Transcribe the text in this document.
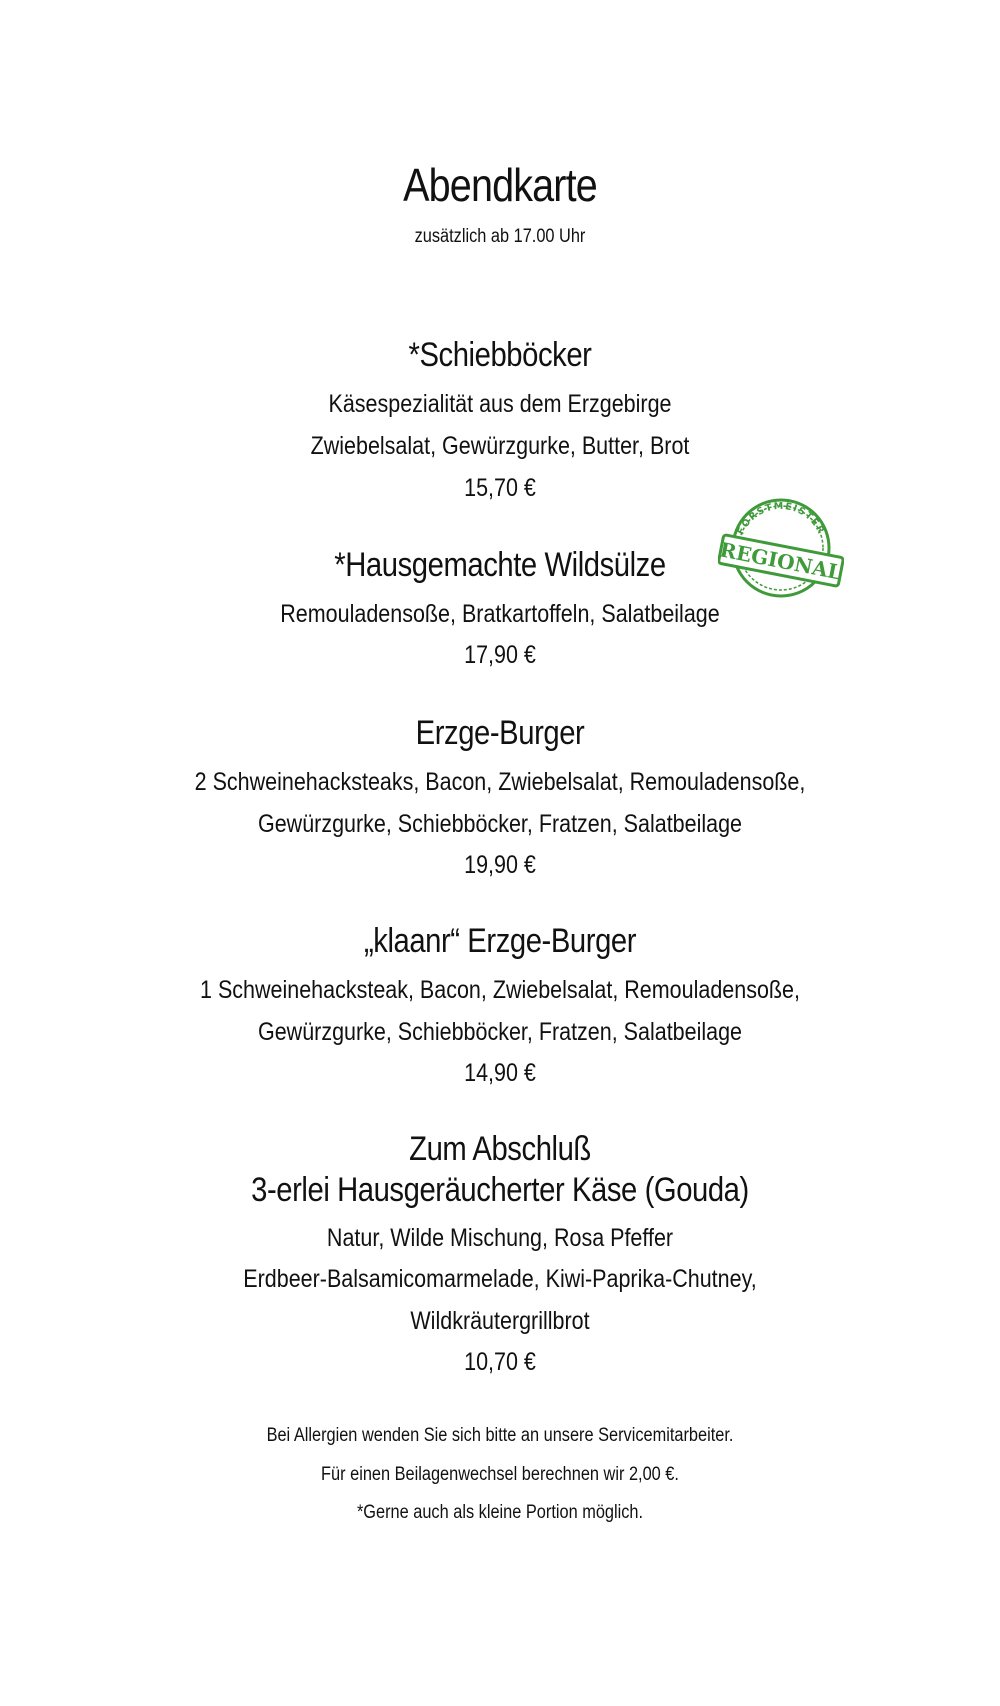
Abendkarte
zusätzlich ab 17.00 Uhr
*Schiebböcker
Käsespezialität aus dem Erzgebirge
Zwiebelsalat, Gewürzgurke, Butter, Brot
15,70 €
*Hausgemachte Wildsülze
Remouladensoße, Bratkartoffeln, Salatbeilage
17,90 €
Erzge-Burger
2 Schweinehacksteaks, Bacon, Zwiebelsalat, Remouladensoße,
Gewürzgurke, Schiebböcker, Fratzen, Salatbeilage
19,90 €
„klaanr“ Erzge-Burger
1 Schweinehacksteak, Bacon, Zwiebelsalat, Remouladensoße,
Gewürzgurke, Schiebböcker, Fratzen, Salatbeilage
14,90 €
Zum Abschluß
3-erlei Hausgeräucherter Käse (Gouda)
Natur, Wilde Mischung, Rosa Pfeffer
Erdbeer-Balsamicomarmelade, Kiwi-Paprika-Chutney,
Wildkräutergrillbrot
10,70 €
Bei Allergien wenden Sie sich bitte an unsere Servicemitarbeiter.
Für einen Beilagenwechsel berechnen wir 2,00 €.
*Gerne auch als kleine Portion möglich.
FORSTMEISTER
REGIONAL
